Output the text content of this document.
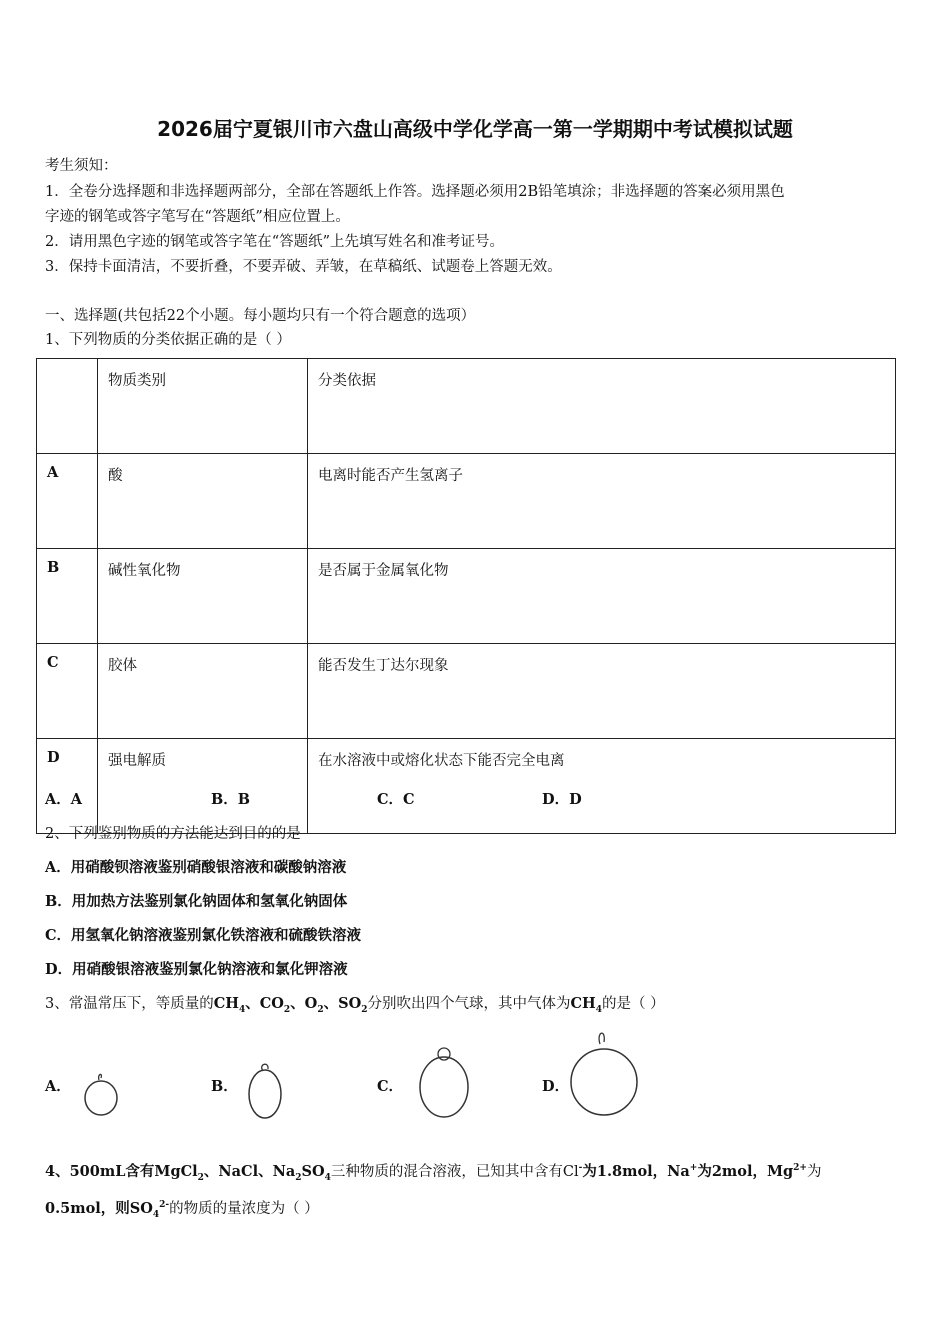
2026届宁夏银川市六盘山高级中学化学高一第一学期期中考试模拟试题
考生须知：
1．全卷分选择题和非选择题两部分，全部在答题纸上作答。选择题必须用2B铅笔填涂；非选择题的答案必须用黑色
字迹的钢笔或答字笔写在“答题纸”相应位置上。
2．请用黑色字迹的钢笔或答字笔在“答题纸”上先填写姓名和准考证号。
3．保持卡面清洁，不要折叠，不要弄破、弄皱，在草稿纸、试题卷上答题无效。
一、选择题(共包括22个小题。每小题均只有一个符合题意的选项）
1、下列物质的分类依据正确的是（ ）
	物质类别	分类依据
A	酸	电离时能否产生氢离子
B	碱性氧化物	是否属于金属氧化物
C	胶体	能否发生丁达尔现象
D	强电解质	在水溶液中或熔化状态下能否完全电离
A．A	B．B	C．C	D．D
2、下列鉴别物质的方法能达到目的的是
A．用硝酸钡溶液鉴别硝酸银溶液和碳酸钠溶液
B．用加热方法鉴别氯化钠固体和氢氧化钠固体
C．用氢氧化钠溶液鉴别氯化铁溶液和硫酸铁溶液
D．用硝酸银溶液鉴别氯化钠溶液和氯化钾溶液
3、常温常压下，等质量的$CH_4$、$CO_2$、$O_2$、$SO_2$分别吹出四个气球，其中气体为$CH_4$的是（ ）
A．	B．	C．	D．
4、500mL含有MgCl$_2$、NaCl、$Na_2SO_4$三种物质的混合溶液，已知其中含有Cl-为1.8mol，Na+为2mol，$Mg^{2+}$为
0.5mol，则$SO_4^{2-}$的物质的量浓度为（ ）
